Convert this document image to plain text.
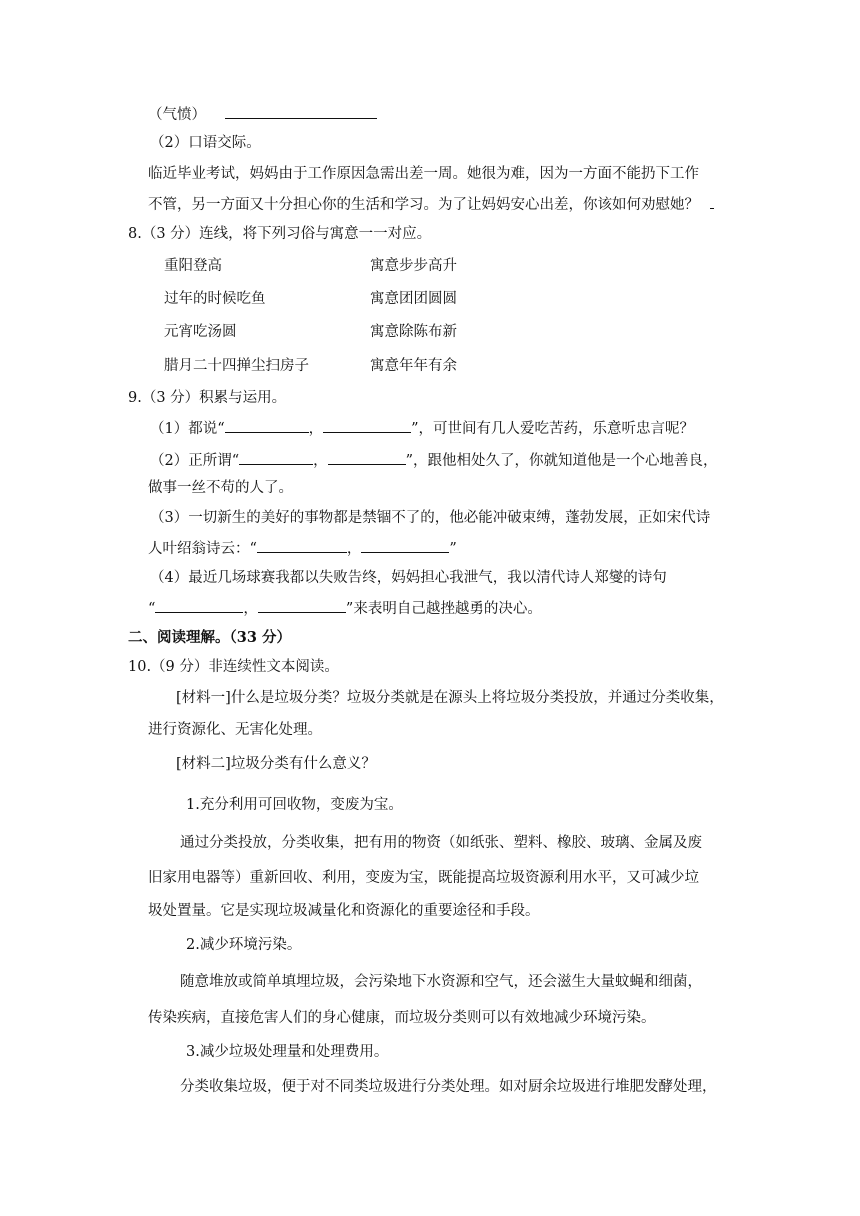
（气愤）
（2）口语交际。
临近毕业考试，妈妈由于工作原因急需出差一周。她很为难，因为一方面不能扔下工作
不管，另一方面又十分担心你的生活和学习。为了让妈妈安心出差，你该如何劝慰她？
8.（3 分）连线，将下列习俗与寓意一一对应。
重阳登高	寓意步步高升
过年的时候吃鱼	寓意团团圆圆
元宵吃汤圆	寓意除陈布新
腊月二十四掸尘扫房子	寓意年年有余
9.（3 分）积累与运用。
（1）都说“	，	”，可世间有几人爱吃苦药，乐意听忠言呢？
（2）正所谓“	，	”，跟他相处久了，你就知道他是一个心地善良，
做事一丝不苟的人了。
（3）一切新生的美好的事物都是禁锢不了的，他必能冲破束缚，蓬勃发展，正如宋代诗
人叶绍翁诗云：“	，	”
（4）最近几场球赛我都以失败告终，妈妈担心我泄气，我以清代诗人郑燮的诗句
“	，	”来表明自己越挫越勇的决心。
二、阅读理解。（33 分）
10.（9 分）非连续性文本阅读。
[材料一]什么是垃圾分类？垃圾分类就是在源头上将垃圾分类投放，并通过分类收集，
进行资源化、无害化处理。
[材料二]垃圾分类有什么意义？
1.充分利用可回收物，变废为宝。
通过分类投放，分类收集，把有用的物资（如纸张、塑料、橡胶、玻璃、金属及废
旧家用电器等）重新回收、利用，变废为宝，既能提高垃圾资源利用水平，又可减少垃
圾处置量。它是实现垃圾减量化和资源化的重要途径和手段。
2.减少环境污染。
随意堆放或简单填埋垃圾，会污染地下水资源和空气，还会滋生大量蚊蝇和细菌，
传染疾病，直接危害人们的身心健康，而垃圾分类则可以有效地减少环境污染。
3.减少垃圾处理量和处理费用。
分类收集垃圾，便于对不同类垃圾进行分类处理。如对厨余垃圾进行堆肥发酵处理，
